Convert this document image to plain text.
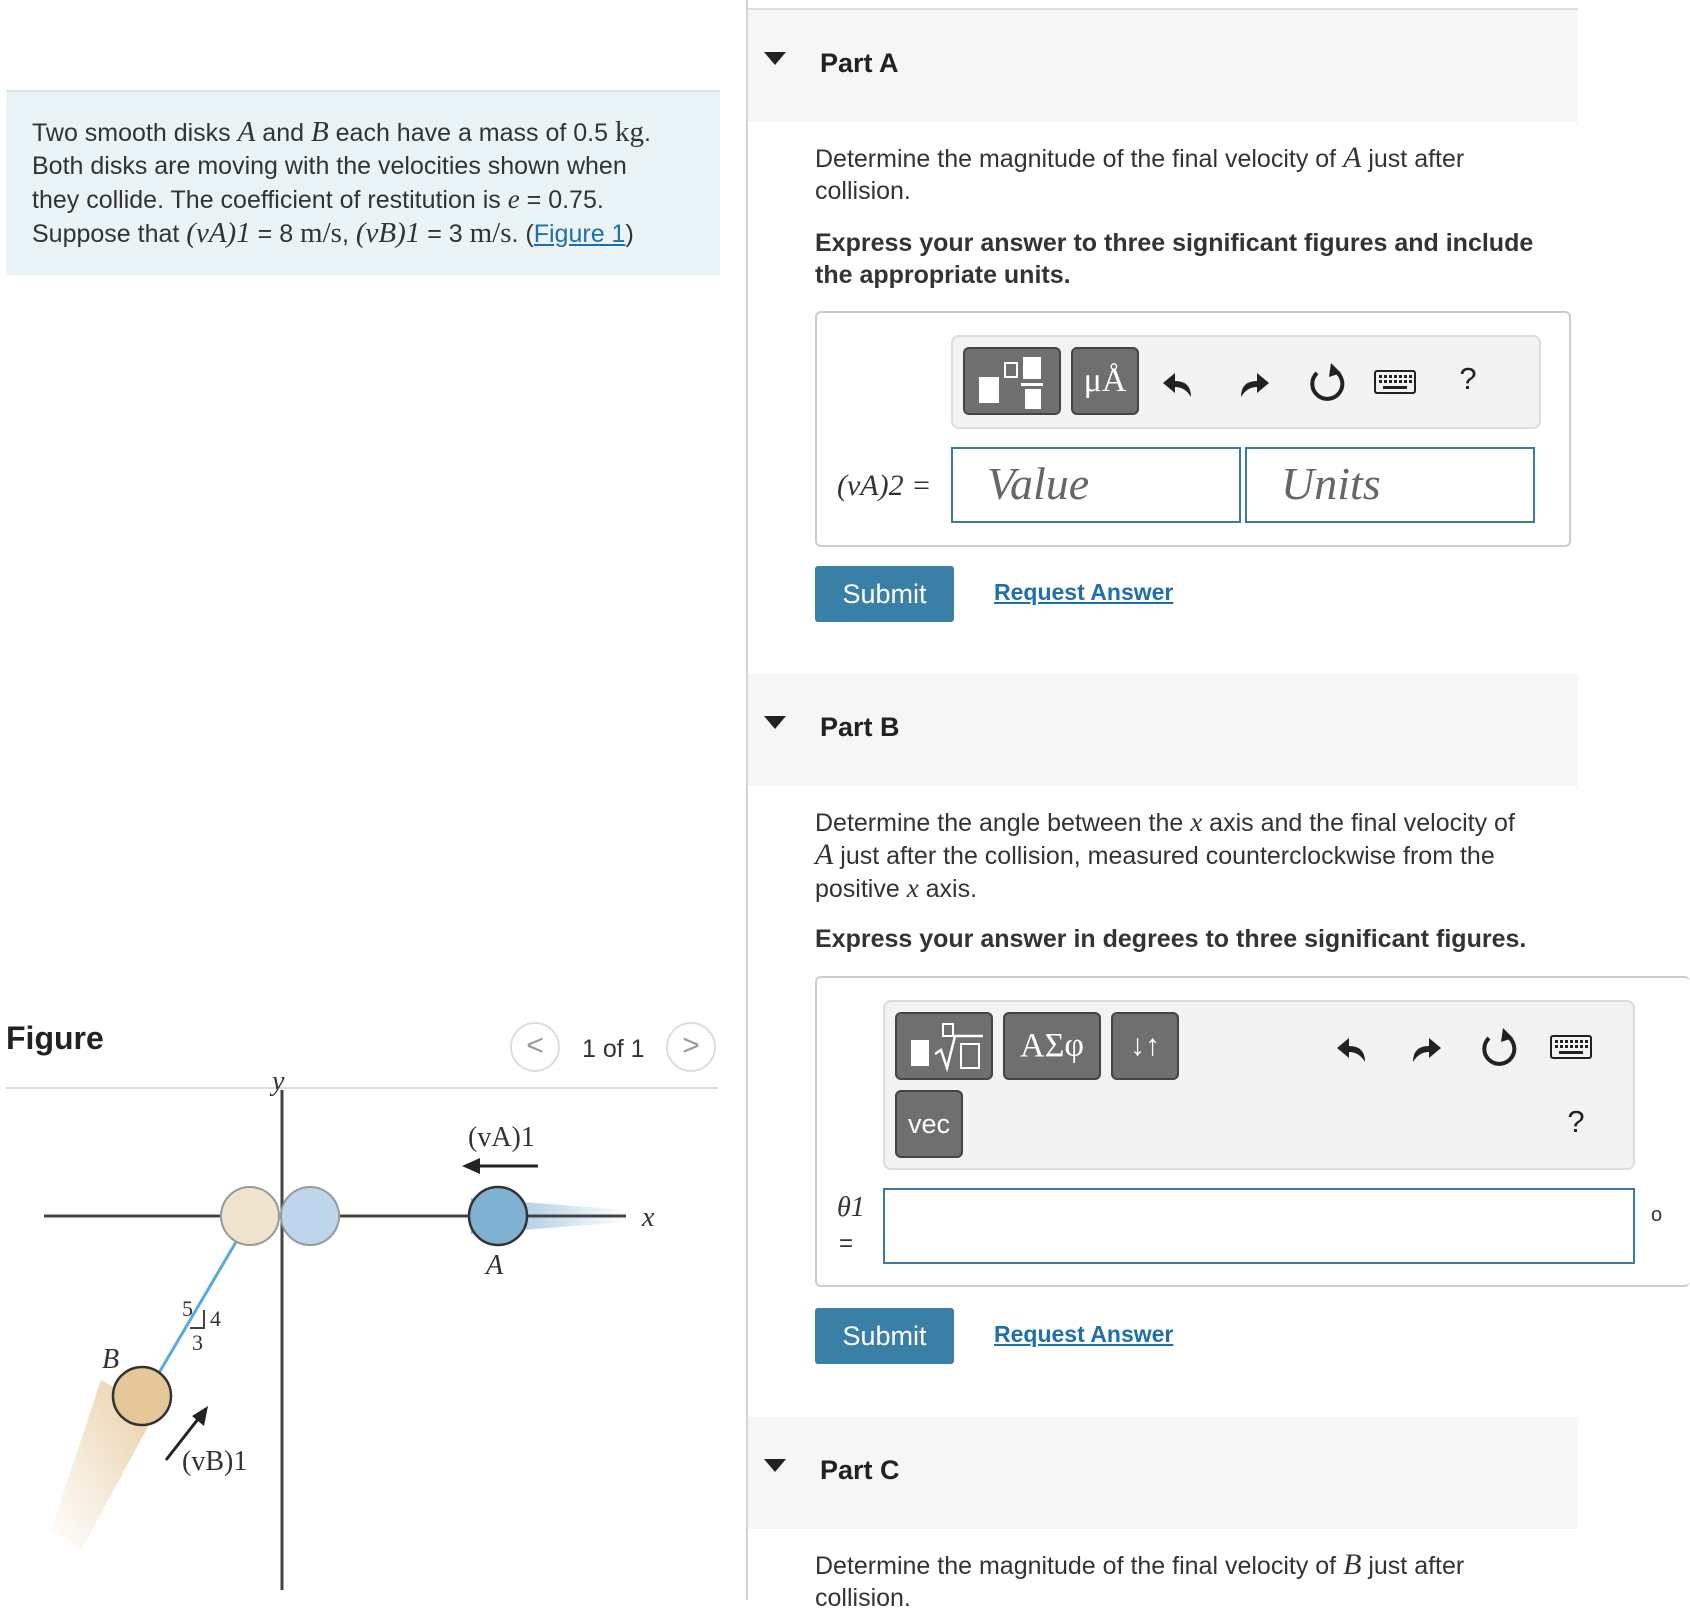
Two smooth disks A and B each have a mass of 0.5 kg.
Both disks are moving with the velocities shown when
they collide. The coefficient of restitution is e = 0.75.
Suppose that (vA)1 = 8 m/s, (vB)1 = 3 m/s. (Figure 1)
Figure	<	1 of 1	>
y
x
5 4
3
A
(vA)1
B
(vB)1
Part A
Determine the magnitude of the final velocity of A just after
collision.
Express your answer to three significant figures and include
the appropriate units.
μÅ	?
(vA)2 =	Value	Units
Submit	Request Answer
Part B
Determine the angle between the x axis and the final velocity of
A just after the collision, measured counterclockwise from the
positive x axis.
Express your answer in degrees to three significant figures.
ΑΣφ	↓↑
vec	?
θ1
=
o
Submit	Request Answer
Part C
Determine the magnitude of the final velocity of B just after
collision.
